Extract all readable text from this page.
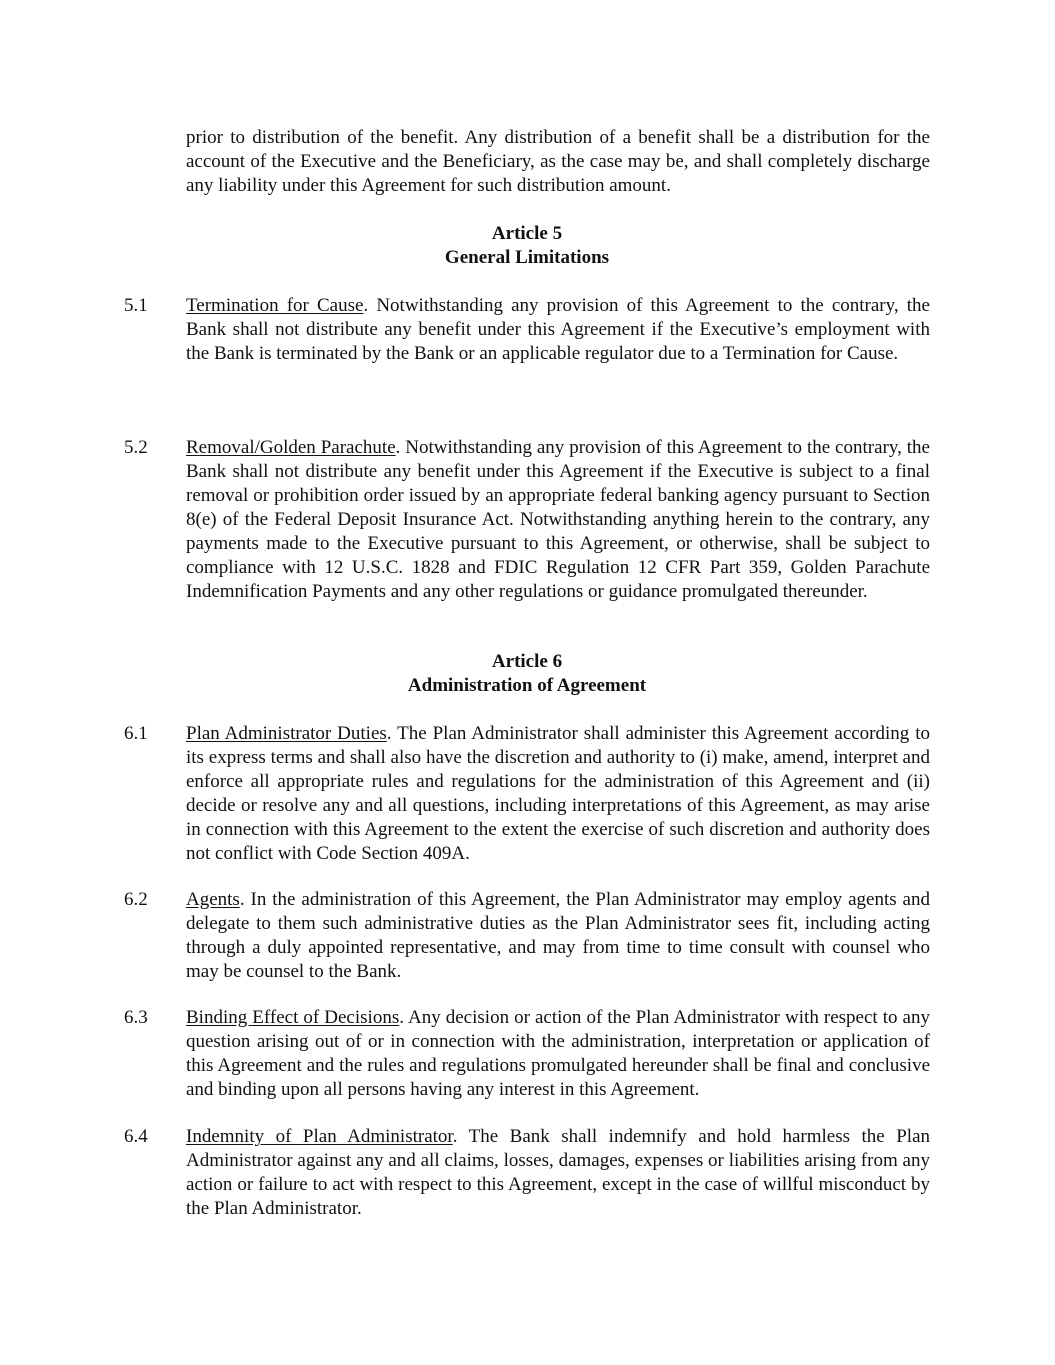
prior to distribution of the benefit. Any distribution of a benefit shall be a distribution for the account of the Executive and the Beneficiary, as the case may be, and shall completely discharge any liability under this Agreement for such distribution amount.

Article 5
General Limitations

5.1 Termination for Cause. Notwithstanding any provision of this Agreement to the contrary, the Bank shall not distribute any benefit under this Agreement if the Executive’s employment with the Bank is terminated by the Bank or an applicable regulator due to a Termination for Cause.

5.2 Removal/Golden Parachute. Notwithstanding any provision of this Agreement to the contrary, the Bank shall not distribute any benefit under this Agreement if the Executive is subject to a final removal or prohibition order issued by an appropriate federal banking agency pursuant to Section 8(e) of the Federal Deposit Insurance Act. Notwithstanding anything herein to the contrary, any payments made to the Executive pursuant to this Agreement, or otherwise, shall be subject to compliance with 12 U.S.C. 1828 and FDIC Regulation 12 CFR Part 359, Golden Parachute Indemnification Payments and any other regulations or guidance promulgated thereunder.

Article 6
Administration of Agreement

6.1 Plan Administrator Duties. The Plan Administrator shall administer this Agreement according to its express terms and shall also have the discretion and authority to (i) make, amend, interpret and enforce all appropriate rules and regulations for the administration of this Agreement and (ii) decide or resolve any and all questions, including interpretations of this Agreement, as may arise in connection with this Agreement to the extent the exercise of such discretion and authority does not conflict with Code Section 409A.

6.2 Agents. In the administration of this Agreement, the Plan Administrator may employ agents and delegate to them such administrative duties as the Plan Administrator sees fit, including acting through a duly appointed representative, and may from time to time consult with counsel who may be counsel to the Bank.

6.3 Binding Effect of Decisions. Any decision or action of the Plan Administrator with respect to any question arising out of or in connection with the administration, interpretation or application of this Agreement and the rules and regulations promulgated hereunder shall be final and conclusive and binding upon all persons having any interest in this Agreement.

6.4 Indemnity of Plan Administrator. The Bank shall indemnify and hold harmless the Plan Administrator against any and all claims, losses, damages, expenses or liabilities arising from any action or failure to act with respect to this Agreement, except in the case of willful misconduct by the Plan Administrator.
